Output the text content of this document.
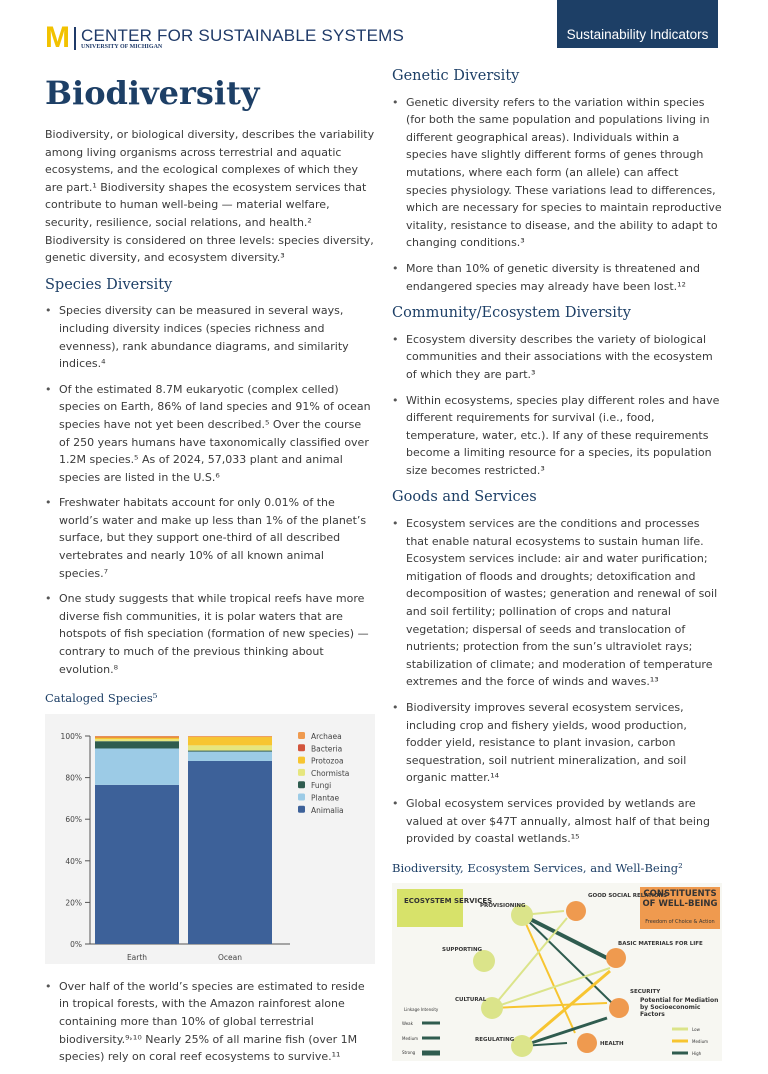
M CENTER FOR SUSTAINABLE SYSTEMS
UNIVERSITY OF MICHIGAN
Sustainability Indicators
Biodiversity

Biodiversity, or biological diversity, describes the variability among living organisms across terrestrial and aquatic ecosystems, and the ecological complexes of which they are part.¹ Biodiversity shapes the ecosystem services that contribute to human well-being — material welfare, security, resilience, social relations, and health.² Biodiversity is considered on three levels: species diversity, genetic diversity, and ecosystem diversity.³

Species Diversity
• Species diversity can be measured in several ways, including diversity indices (species richness and evenness), rank abundance diagrams, and similarity indices.⁴
• Of the estimated 8.7M eukaryotic (complex celled) species on Earth, 86% of land species and 91% of ocean species have not yet been described.⁵ Over the course of 250 years humans have taxonomically classified over 1.2M species.⁵ As of 2024, 57,033 plant and animal species are listed in the U.S.⁶
• Freshwater habitats account for only 0.01% of the world’s water and make up less than 1% of the planet’s surface, but they support one-third of all described vertebrates and nearly 10% of all known animal species.⁷
• One study suggests that while tropical reefs have more diverse fish communities, it is polar waters that are hotspots of fish speciation (formation of new species) — contrary to much of the previous thinking about evolution.⁸
Cataloged Species⁵
0%
20%
40%
60%
80%
100%
Earth	Ocean
Archaea
Bacteria
Protozoa
Chormista
Fungi
Plantae
Animalia
• Over half of the world’s species are estimated to reside in tropical forests, with the Amazon rainforest alone containing more than 10% of global terrestrial biodiversity.⁹˒¹⁰ Nearly 25% of all marine fish (over 1M species) rely on coral reef ecosystems to survive.¹¹
Genetic Diversity
• Genetic diversity refers to the variation within species (for both the same population and populations living in different geographical areas). Individuals within a species have slightly different forms of genes through mutations, where each form (an allele) can affect species physiology. These variations lead to differences, which are necessary for species to maintain reproductive vitality, resistance to disease, and the ability to adapt to changing conditions.³
• More than 10% of genetic diversity is threatened and endangered species may already have been lost.¹²
Community/Ecosystem Diversity
• Ecosystem diversity describes the variety of biological communities and their associations with the ecosystem of which they are part.³
• Within ecosystems, species play different roles and have different requirements for survival (i.e., food, temperature, water, etc.). If any of these requirements become a limiting resource for a species, its population size becomes restricted.³
Goods and Services
• Ecosystem services are the conditions and processes that enable natural ecosystems to sustain human life. Ecosystem services include: air and water purification; mitigation of floods and droughts; detoxification and decomposition of wastes; generation and renewal of soil and soil fertility; pollination of crops and natural vegetation; dispersal of seeds and translocation of nutrients; protection from the sun’s ultraviolet rays; stabilization of climate; and moderation of temperature extremes and the force of winds and waves.¹³
• Biodiversity improves several ecosystem services, including crop and fishery yields, wood production, fodder yield, resistance to plant invasion, carbon sequestration, soil nutrient mineralization, and soil organic matter.¹⁴
• Global ecosystem services provided by wetlands are valued at over $47T annually, almost half of that being provided by coastal wetlands.¹⁵
Biodiversity, Ecosystem Services, and Well-Being²
ECOSYSTEM SERVICES
CONSTITUENTS OF WELL-BEING
Freedom of Choice & Action
PROVISIONING
SUPPORTING
CULTURAL
REGULATING
GOOD SOCIAL RELATIONS
BASIC MATERIALS FOR LIFE
SECURITY
HEALTH
Linkage Intensity
Weak
Medium
Strong
Low
Medium
High
Potential for Mediation by Socioeconomic Factors
